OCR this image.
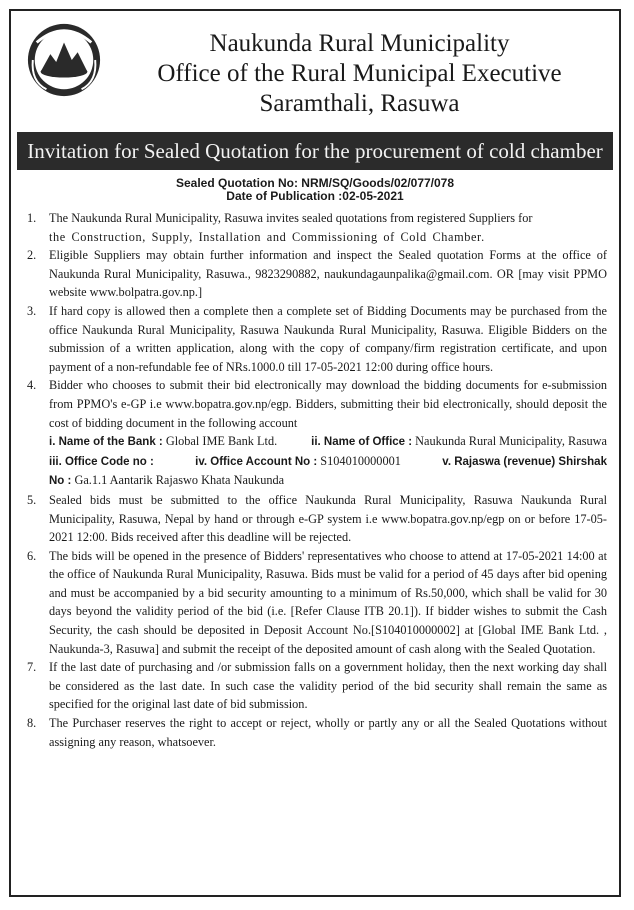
Naukunda Rural Municipality
Office of the Rural Municipal Executive
Saramthali, Rasuwa
Invitation for Sealed Quotation for the procurement of cold chamber
Sealed Quotation No: NRM/SQ/Goods/02/077/078
Date of Publication :02-05-2021
1. The Naukunda Rural Municipality, Rasuwa invites sealed quotations from registered Suppliers for
the Construction, Supply, Installation and Commissioning of Cold Chamber.
2. Eligible Suppliers may obtain further information and inspect the Sealed quotation Forms at the office of Naukunda Rural Municipality, Rasuwa., 9823290882, naukundagaunpalika@gmail.com. OR [may visit PPMO website www.bolpatra.gov.np.]
3. If hard copy is allowed then a complete then a complete set of Bidding Documents may be purchased from the office Naukunda Rural Municipality, Rasuwa Naukunda Rural Municipality, Rasuwa. Eligible Bidders on the submission of a written application, along with the copy of company/firm registration certificate, and upon payment of a non-refundable fee of NRs.1000.0 till 17-05-2021 12:00 during office hours.
4. Bidder who chooses to submit their bid electronically may download the bidding documents for e-submission from PPMO's e-GP i.e www.bopatra.gov.np/egp. Bidders, submitting their bid electronically, should deposit the cost of bidding document in the following account
i. Name of the Bank : Global IME Bank Ltd.	ii. Name of Office : Naukunda Rural Municipality, Rasuwa
iii. Office Code no :	iv. Office Account No : S104010000001	v. Rajaswa (revenue) Shirshak
No : Ga.1.1 Aantarik Rajaswo Khata Naukunda
5. Sealed bids must be submitted to the office Naukunda Rural Municipality, Rasuwa Naukunda Rural Municipality, Rasuwa, Nepal by hand or through e-GP system i.e www.bopatra.gov.np/egp on or before 17-05-2021 12:00. Bids received after this deadline will be rejected.
6. The bids will be opened in the presence of Bidders' representatives who choose to attend at 17-05-2021 14:00 at the office of Naukunda Rural Municipality, Rasuwa. Bids must be valid for a period of 45 days after bid opening and must be accompanied by a bid security amounting to a minimum of Rs.50,000, which shall be valid for 30 days beyond the validity period of the bid (i.e. [Refer Clause ITB 20.1]). If bidder wishes to submit the Cash Security, the cash should be deposited in Deposit Account No.[S104010000002] at [Global IME Bank Ltd. , Naukunda-3, Rasuwa] and submit the receipt of the deposited amount of cash along with the Sealed Quotation.
7. If the last date of purchasing and /or submission falls on a government holiday, then the next working day shall be considered as the last date. In such case the validity period of the bid security shall remain the same as specified for the original last date of bid submission.
8. The Purchaser reserves the right to accept or reject, wholly or partly any or all the Sealed Quotations without assigning any reason, whatsoever.
